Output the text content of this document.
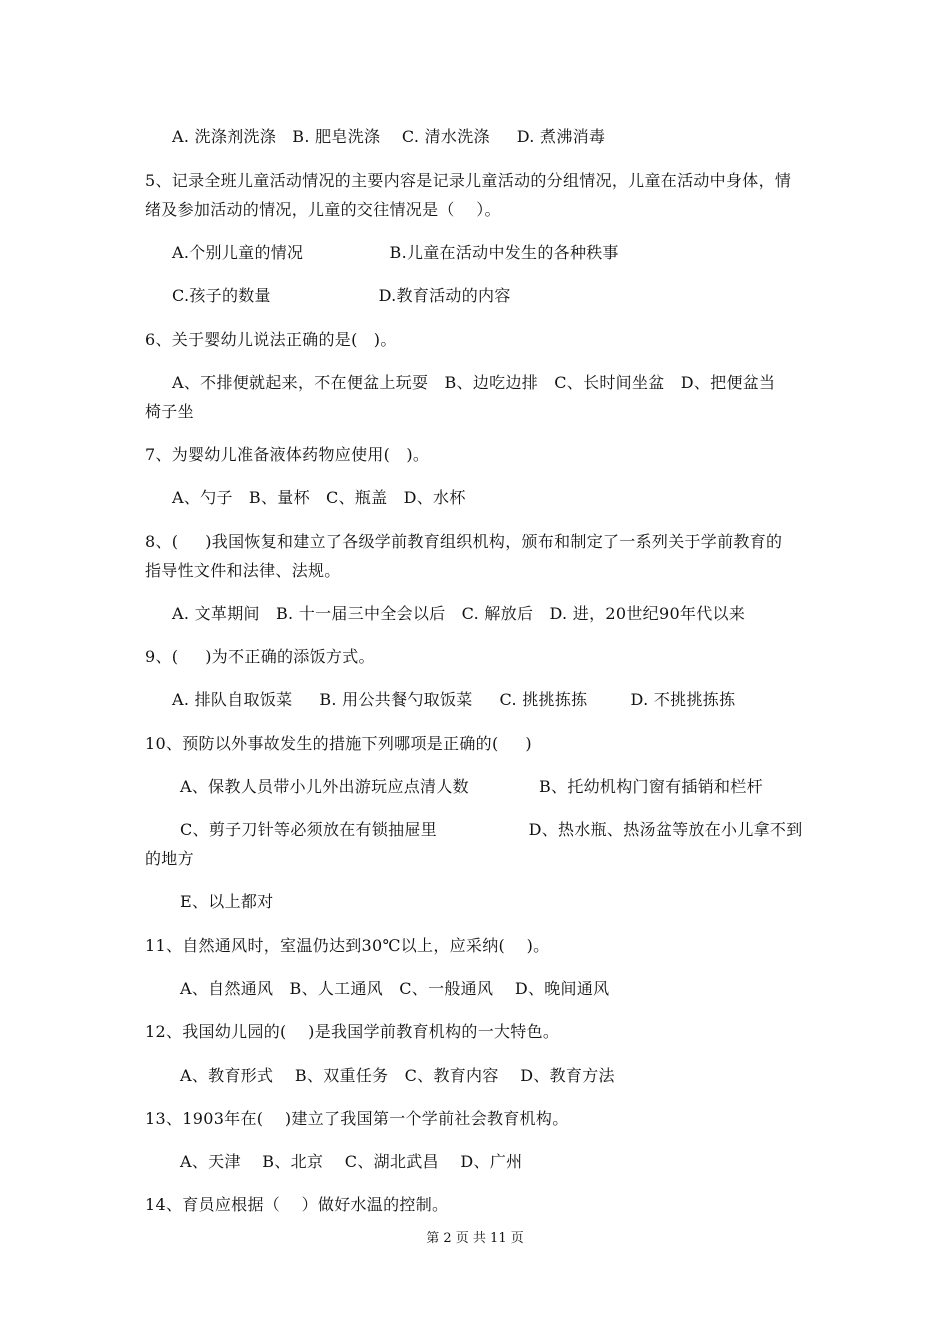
A. 洗涤剂洗涤   B. 肥皂洗涤    C. 清水洗涤     D. 煮沸消毒
5、记录全班儿童活动情况的主要内容是记录儿童活动的分组情况，儿童在活动中身体，情
绪及参加活动的情况，儿童的交往情况是（    ）。
A.个别儿童的情况                B.儿童在活动中发生的各种秩事
C.孩子的数量                    D.教育活动的内容
6、关于婴幼儿说法正确的是(   )。
A、不排便就起来，不在便盆上玩耍   B、边吃边排   C、长时间坐盆   D、把便盆当
椅子坐
7、为婴幼儿准备液体药物应使用(   )。
A、勺子   B、量杯   C、瓶盖   D、水杯
8、(     )我国恢复和建立了各级学前教育组织机构，颁布和制定了一系列关于学前教育的
指导性文件和法律、法规。
A. 文革期间   B. 十一届三中全会以后   C. 解放后   D. 进，20世纪90年代以来
9、(     )为不正确的添饭方式。
A. 排队自取饭菜     B. 用公共餐勺取饭菜     C. 挑挑拣拣        D. 不挑挑拣拣
10、预防以外事故发生的措施下列哪项是正确的(     )
A、保教人员带小儿外出游玩应点清人数             B、托幼机构门窗有插销和栏杆
C、剪子刀针等必须放在有锁抽屉里                 D、热水瓶、热汤盆等放在小儿拿不到
的地方
E、以上都对
11、自然通风时，室温仍达到30℃以上，应采纳(    )。
A、自然通风   B、人工通风   C、一般通风    D、晚间通风
12、我国幼儿园的(    )是我国学前教育机构的一大特色。
A、教育形式    B、双重任务   C、教育内容    D、教育方法
13、1903年在(    )建立了我国第一个学前社会教育机构。
A、天津    B、北京    C、湖北武昌    D、广州
14、育员应根据（    ）做好水温的控制。
第 2 页 共 11 页
